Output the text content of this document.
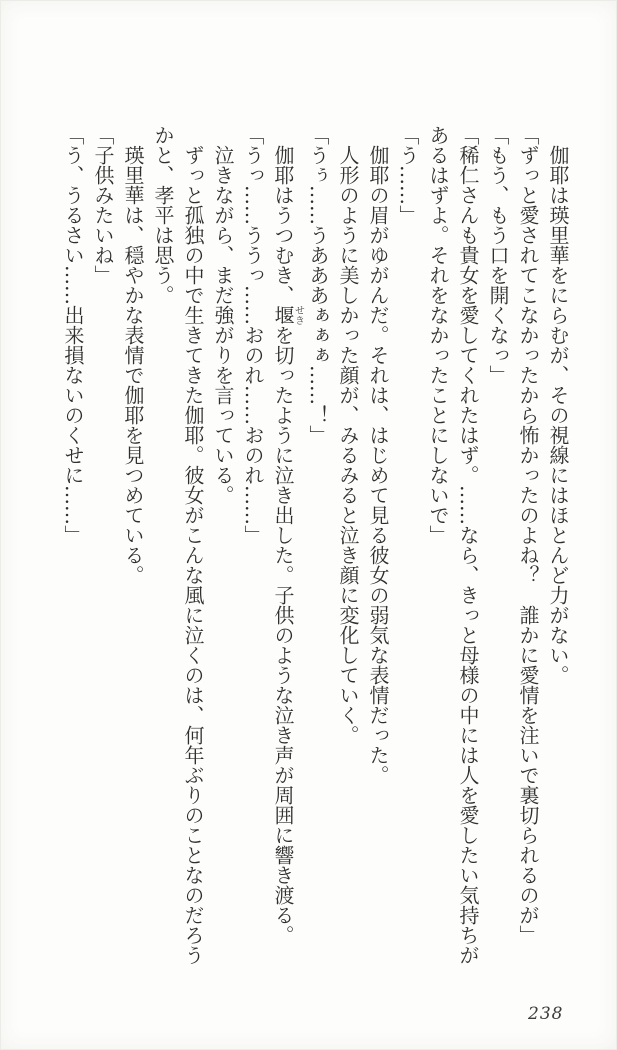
伽耶は瑛里華をにらむが、その視線にはほとんど力がない。

「ずっと愛されてこなかったから怖かったのよね？　誰かに愛情を注いで裏切られるのが」

「もう、もう口を開くなっ」

「稀仁さんも貴女を愛してくれたはず。……なら、きっと母様の中には人を愛したい気持ちがあるはずよ。それをなかったことにしないで」

「う……」

伽耶の眉がゆがんだ。それは、はじめて見る彼女の弱気な表情だった。

人形のように美しかった顔が、みるみると泣き顔に変化していく。

「うぅ……うあああぁぁぁ……！」

伽耶はうつむき、堰せきを切ったように泣き出した。子供のような泣き声が周囲に響き渡る。

「うっ……ううっ……おのれ……おのれ……」

泣きながら、まだ強がりを言っている。

ずっと孤独の中で生きてきた伽耶。彼女がこんな風に泣くのは、何年ぶりのことなのだろうかと、孝平は思う。

瑛里華は、穏やかな表情で伽耶を見つめている。

「子供みたいね」

「う、うるさい……出来損ないのくせに……」

238
